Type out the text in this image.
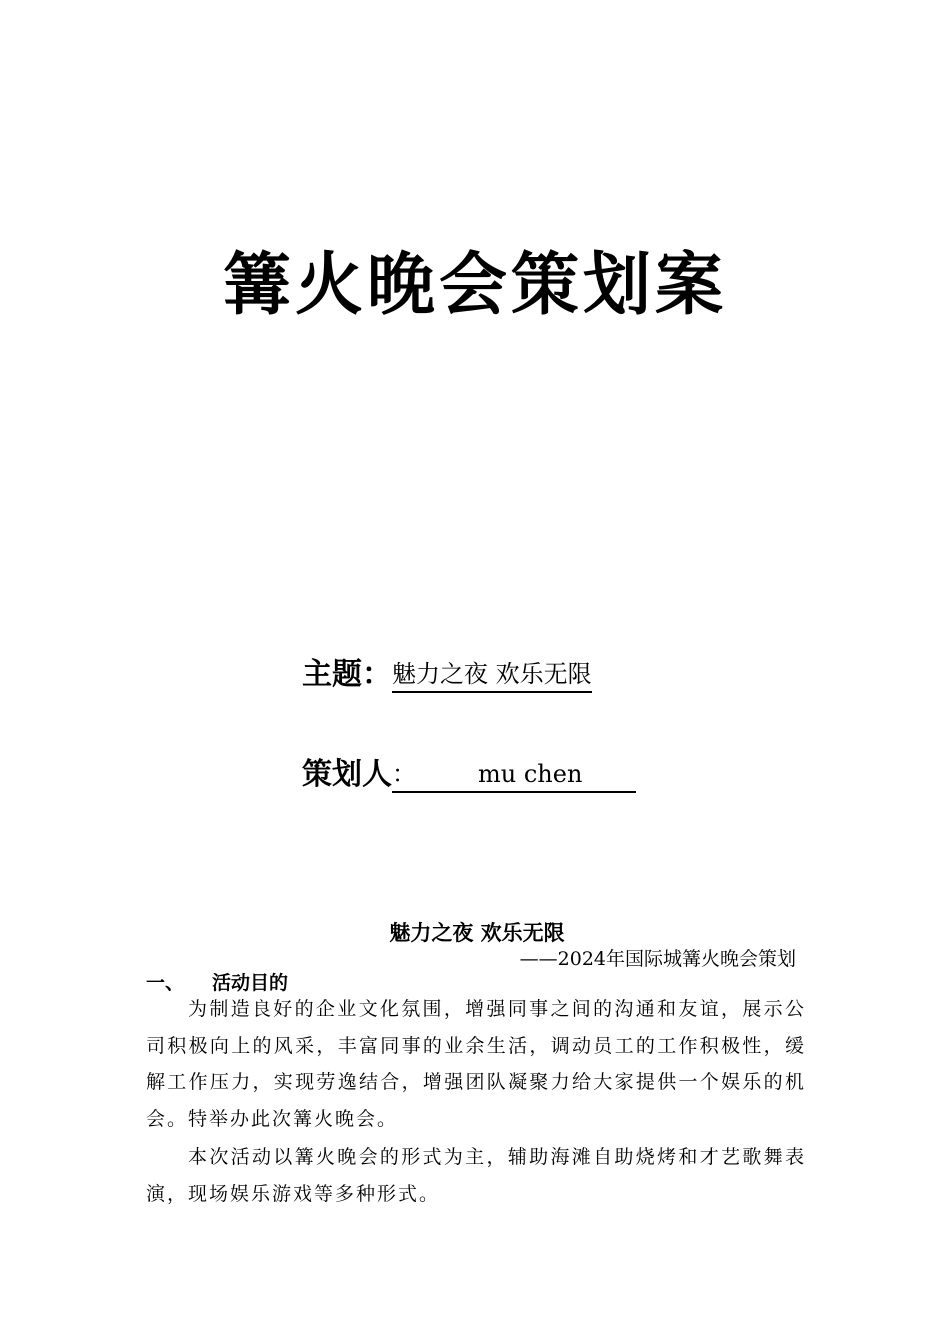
篝火晚会策划案
主题：魅力之夜 欢乐无限
策划人 ：	mu chen
魅力之夜 欢乐无限
——2024年国际城篝火晚会策划
一、 活动目的

为制造良好的企业文化氛围，增强同事之间的沟通和友谊，展示公司积极向上的风采，丰富同事的业余生活，调动员工的工作积极性，缓解工作压力，实现劳逸结合，增强团队凝聚力给大家提供一个娱乐的机会。特举办此次篝火晚会。

本次活动以篝火晚会的形式为主，辅助海滩自助烧烤和才艺歌舞表演，现场娱乐游戏等多种形式。
